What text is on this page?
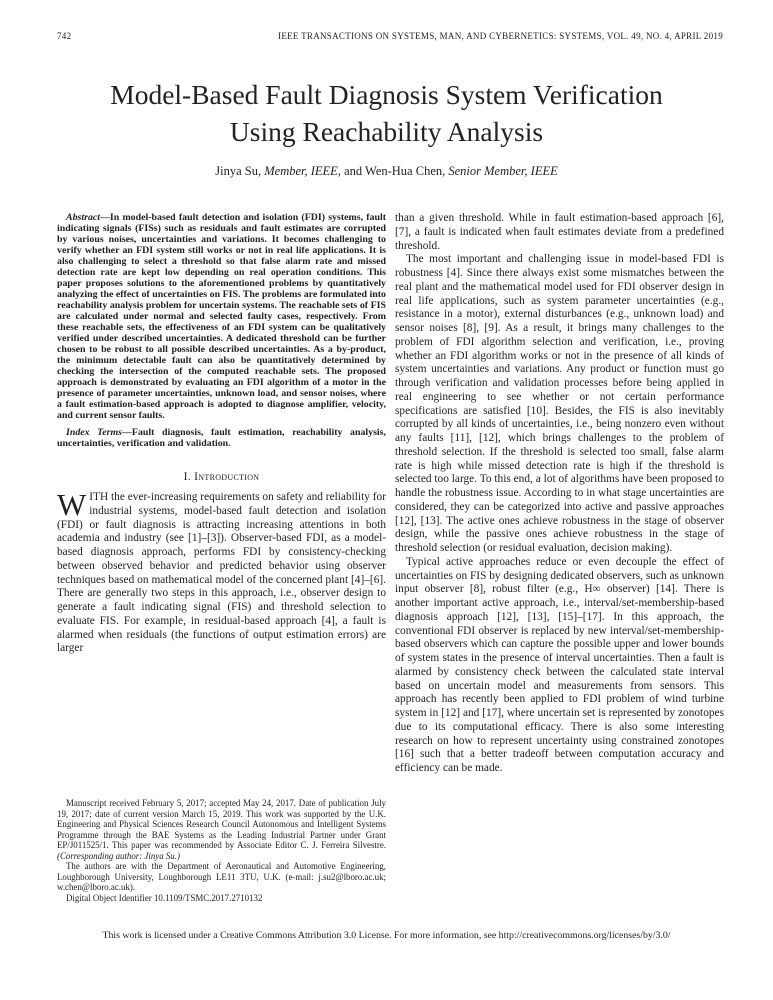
742	IEEE TRANSACTIONS ON SYSTEMS, MAN, AND CYBERNETICS: SYSTEMS, VOL. 49, NO. 4, APRIL 2019
Model-Based Fault Diagnosis System Verification
Using Reachability Analysis
Jinya Su, Member, IEEE, and Wen-Hua Chen, Senior Member, IEEE

Abstract—In model-based fault detection and isolation (FDI) systems, fault indicating signals (FISs) such as residuals and fault estimates are corrupted by various noises, uncertainties and variations. It becomes challenging to verify whether an FDI system still works or not in real life applications. It is also challenging to select a threshold so that false alarm rate and missed detection rate are kept low depending on real operation conditions. This paper proposes solutions to the aforementioned problems by quantitatively analyzing the effect of uncertainties on FIS. The problems are formulated into reachability analysis problem for uncertain systems. The reachable sets of FIS are calculated under normal and selected faulty cases, respectively. From these reachable sets, the effectiveness of an FDI system can be qualitatively verified under described uncertainties. A dedicated threshold can be further chosen to be robust to all possible described uncertainties. As a by-product, the minimum detectable fault can also be quantitatively determined by checking the intersection of the computed reachable sets. The proposed approach is demonstrated by evaluating an FDI algorithm of a motor in the presence of parameter uncertainties, unknown load, and sensor noises, where a fault estimation-based approach is adopted to diagnose amplifier, velocity, and current sensor faults.

Index Terms—Fault diagnosis, fault estimation, reachability analysis, uncertainties, verification and validation.

I. Introduction

WITH the ever-increasing requirements on safety and reliability for industrial systems, model-based fault detection and isolation (FDI) or fault diagnosis is attracting increasing attentions in both academia and industry (see [1]–[3]). Observer-based FDI, as a model-based diagnosis approach, performs FDI by consistency-checking between observed behavior and predicted behavior using observer techniques based on mathematical model of the concerned plant [4]–[6]. There are generally two steps in this approach, i.e., observer design to generate a fault indicating signal (FIS) and threshold selection to evaluate FIS. For example, in residual-based approach [4], a fault is alarmed when residuals (the functions of output estimation errors) are larger

than a given threshold. While in fault estimation-based approach [6], [7], a fault is indicated when fault estimates deviate from a predefined threshold.

The most important and challenging issue in model-based FDI is robustness [4]. Since there always exist some mismatches between the real plant and the mathematical model used for FDI observer design in real life applications, such as system parameter uncertainties (e.g., resistance in a motor), external disturbances (e.g., unknown load) and sensor noises [8], [9]. As a result, it brings many challenges to the problem of FDI algorithm selection and verification, i.e., proving whether an FDI algorithm works or not in the presence of all kinds of system uncertainties and variations. Any product or function must go through verification and validation processes before being applied in real engineering to see whether or not certain performance specifications are satisfied [10]. Besides, the FIS is also inevitably corrupted by all kinds of uncertainties, i.e., being nonzero even without any faults [11], [12], which brings challenges to the problem of threshold selection. If the threshold is selected too small, false alarm rate is high while missed detection rate is high if the threshold is selected too large. To this end, a lot of algorithms have been proposed to handle the robustness issue. According to in what stage uncertainties are considered, they can be categorized into active and passive approaches [12], [13]. The active ones achieve robustness in the stage of observer design, while the passive ones achieve robustness in the stage of threshold selection (or residual evaluation, decision making).

Typical active approaches reduce or even decouple the effect of uncertainties on FIS by designing dedicated observers, such as unknown input observer [8], robust filter (e.g., H∞ observer) [14]. There is another important active approach, i.e., interval/set-membership-based diagnosis approach [12], [13], [15]–[17]. In this approach, the conventional FDI observer is replaced by new interval/set-membership-based observers which can capture the possible upper and lower bounds of system states in the presence of interval uncertainties. Then a fault is alarmed by consistency check between the calculated state interval based on uncertain model and measurements from sensors. This approach has recently been applied to FDI problem of wind turbine system in [12] and [17], where uncertain set is represented by zonotopes due to its computational efficacy. There is also some interesting research on how to represent uncertainty using constrained zonotopes [16] such that a better tradeoff between computation accuracy and efficiency can be made.

Manuscript received February 5, 2017; accepted May 24, 2017. Date of publication July 19, 2017; date of current version March 15, 2019. This work was supported by the U.K. Engineering and Physical Sciences Research Council Autonomous and Intelligent Systems Programme through the BAE Systems as the Leading Industrial Partner under Grant EP/J011525/1. This paper was recommended by Associate Editor C. J. Ferreira Silvestre. (Corresponding author: Jinya Su.)

The authors are with the Department of Aeronautical and Automotive Engineering, Loughborough University, Loughborough LE11 3TU, U.K. (e-mail: j.su2@lboro.ac.uk; w.chen@lboro.ac.uk).

Digital Object Identifier 10.1109/TSMC.2017.2710132

This work is licensed under a Creative Commons Attribution 3.0 License. For more information, see http://creativecommons.org/licenses/by/3.0/
